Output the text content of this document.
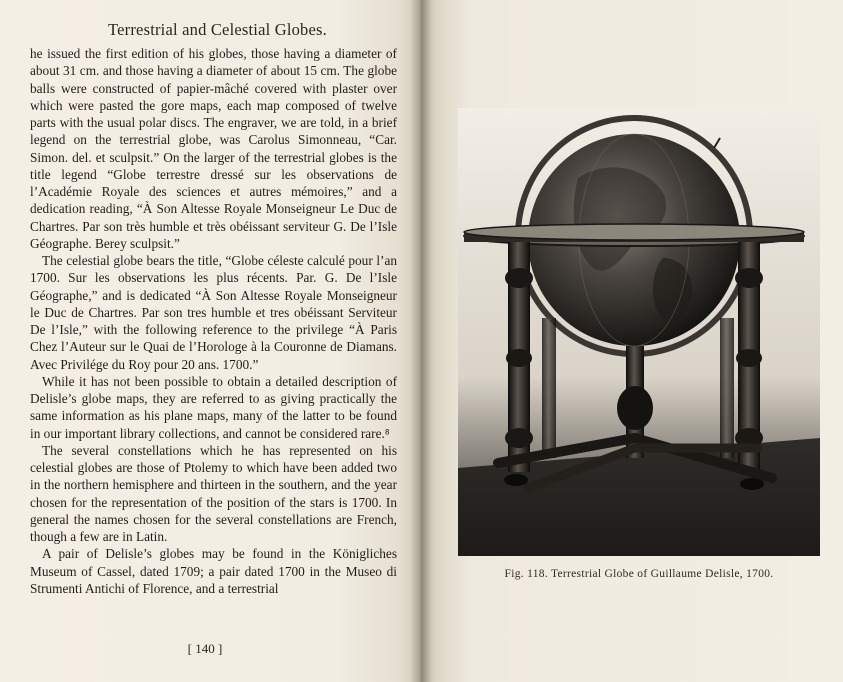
Terrestrial and Celestial Globes.

he issued the first edition of his globes, those having a diameter of about 31 cm. and those having a diameter of about 15 cm. The globe balls were constructed of papier-mâché covered with plaster over which were pasted the gore maps, each map composed of twelve parts with the usual polar discs. The engraver, we are told, in a brief legend on the terrestrial globe, was Carolus Simonneau, “Car. Simon. del. et sculpsit.” On the larger of the terrestrial globes is the title legend “Globe terrestre dressé sur les observations de l’Académie Royale des sciences et autres mémoires,” and a dedication reading, “À Son Altesse Royale Monseigneur Le Duc de Chartres. Par son très humble et très obéissant serviteur G. De l’Isle Géographe. Berey sculpsit.”

The celestial globe bears the title, “Globe céleste calculé pour l’an 1700. Sur les observations les plus récents. Par. G. De l’Isle Géographe,” and is dedicated “À Son Altesse Royale Monseigneur le Duc de Chartres. Par son tres humble et tres obéissant Serviteur De l’Isle,” with the following reference to the privilege “À Paris Chez l’Auteur sur le Quai de l’Horologe à la Couronne de Diamans. Avec Privilége du Roy pour 20 ans. 1700.”

While it has not been possible to obtain a detailed description of Delisle’s globe maps, they are referred to as giving practically the same information as his plane maps, many of the latter to be found in our important library collections, and cannot be considered rare.⁸

The several constellations which he has represented on his celestial globes are those of Ptolemy to which have been added two in the northern hemisphere and thirteen in the southern, and the year chosen for the representation of the position of the stars is 1700. In general the names chosen for the several constellations are French, though a few are in Latin.

A pair of Delisle’s globes may be found in the Königliches Museum of Cassel, dated 1709; a pair dated 1700 in the Museo di Strumenti Antichi of Florence, and a terrestrial

[ 140 ]
Fig. 118. Terrestrial Globe of Guillaume Delisle, 1700.
